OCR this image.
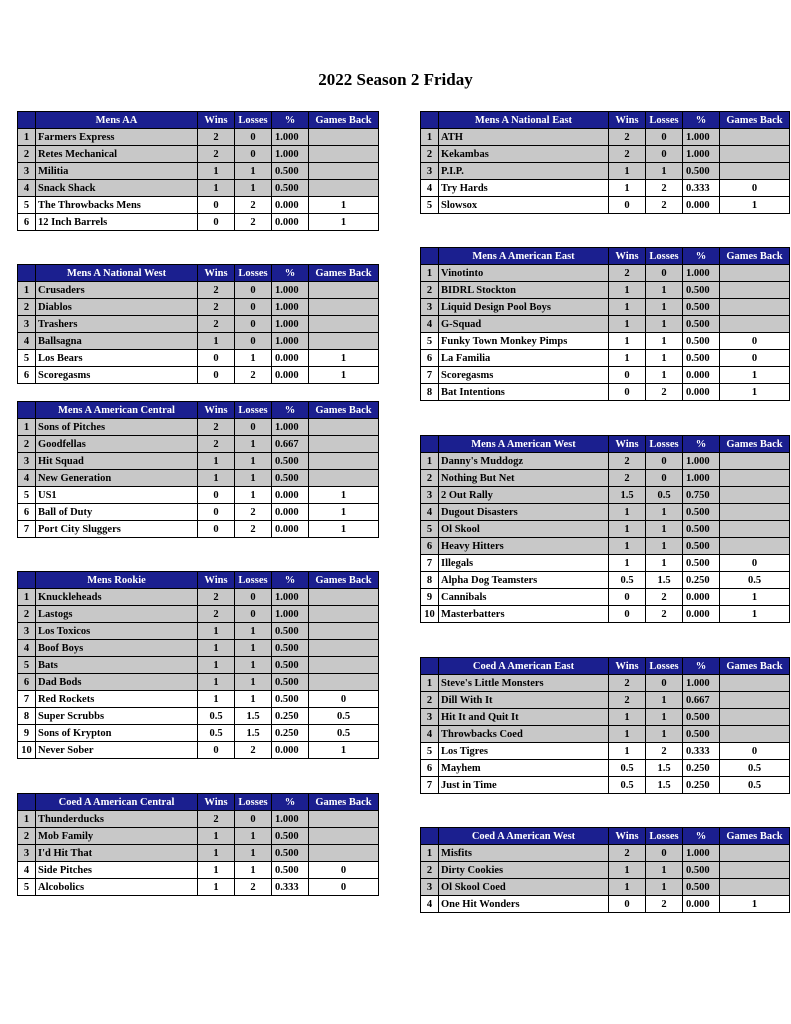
2022 Season 2 Friday
	Mens AA	Wins	Losses	%	Games Back
1	Farmers Express	2	0	1.000	
2	Retes Mechanical	2	0	1.000	
3	Militia	1	1	0.500	
4	Snack Shack	1	1	0.500	
5	The Throwbacks Mens	0	2	0.000	1
6	12 Inch Barrels	0	2	0.000	1
	Mens A National West	Wins	Losses	%	Games Back
1	Crusaders	2	0	1.000	
2	Diablos	2	0	1.000	
3	Trashers	2	0	1.000	
4	Ballsagna	1	0	1.000	
5	Los Bears	0	1	0.000	1
6	Scoregasms	0	2	0.000	1
	Mens A American Central	Wins	Losses	%	Games Back
1	Sons of Pitches	2	0	1.000	
2	Goodfellas	2	1	0.667	
3	Hit Squad	1	1	0.500	
4	New Generation	1	1	0.500	
5	US1	0	1	0.000	1
6	Ball of Duty	0	2	0.000	1
7	Port City Sluggers	0	2	0.000	1
	Mens Rookie	Wins	Losses	%	Games Back
1	Knuckleheads	2	0	1.000	
2	Lastogs	2	0	1.000	
3	Los Toxicos	1	1	0.500	
4	Boof Boys	1	1	0.500	
5	Bats	1	1	0.500	
6	Dad Bods	1	1	0.500	
7	Red Rockets	1	1	0.500	0
8	Super Scrubbs	0.5	1.5	0.250	0.5
9	Sons of Krypton	0.5	1.5	0.250	0.5
10	Never Sober	0	2	0.000	1
	Coed A American Central	Wins	Losses	%	Games Back
1	Thunderducks	2	0	1.000	
2	Mob Family	1	1	0.500	
3	I'd Hit That	1	1	0.500	
4	Side Pitches	1	1	0.500	0
5	Alcobolics	1	2	0.333	0
	Mens A National East	Wins	Losses	%	Games Back
1	ATH	2	0	1.000	
2	Kekambas	2	0	1.000	
3	P.I.P.	1	1	0.500	
4	Try Hards	1	2	0.333	0
5	Slowsox	0	2	0.000	1
	Mens A American East	Wins	Losses	%	Games Back
1	Vinotinto	2	0	1.000	
2	BIDRL Stockton	1	1	0.500	
3	Liquid Design Pool Boys	1	1	0.500	
4	G-Squad	1	1	0.500	
5	Funky Town Monkey Pimps	1	1	0.500	0
6	La Familia	1	1	0.500	0
7	Scoregasms	0	1	0.000	1
8	Bat Intentions	0	2	0.000	1
	Mens A American West	Wins	Losses	%	Games Back
1	Danny's Muddogz	2	0	1.000	
2	Nothing But Net	2	0	1.000	
3	2 Out Rally	1.5	0.5	0.750	
4	Dugout Disasters	1	1	0.500	
5	Ol Skool	1	1	0.500	
6	Heavy Hitters	1	1	0.500	
7	Illegals	1	1	0.500	0
8	Alpha Dog Teamsters	0.5	1.5	0.250	0.5
9	Cannibals	0	2	0.000	1
10	Masterbatters	0	2	0.000	1
	Coed A American East	Wins	Losses	%	Games Back
1	Steve's Little Monsters	2	0	1.000	
2	Dill With It	2	1	0.667	
3	Hit It and Quit It	1	1	0.500	
4	Throwbacks Coed	1	1	0.500	
5	Los Tigres	1	2	0.333	0
6	Mayhem	0.5	1.5	0.250	0.5
7	Just in Time	0.5	1.5	0.250	0.5
	Coed A American West	Wins	Losses	%	Games Back
1	Misfits	2	0	1.000	
2	Dirty Cookies	1	1	0.500	
3	Ol Skool Coed	1	1	0.500	
4	One Hit Wonders	0	2	0.000	1
